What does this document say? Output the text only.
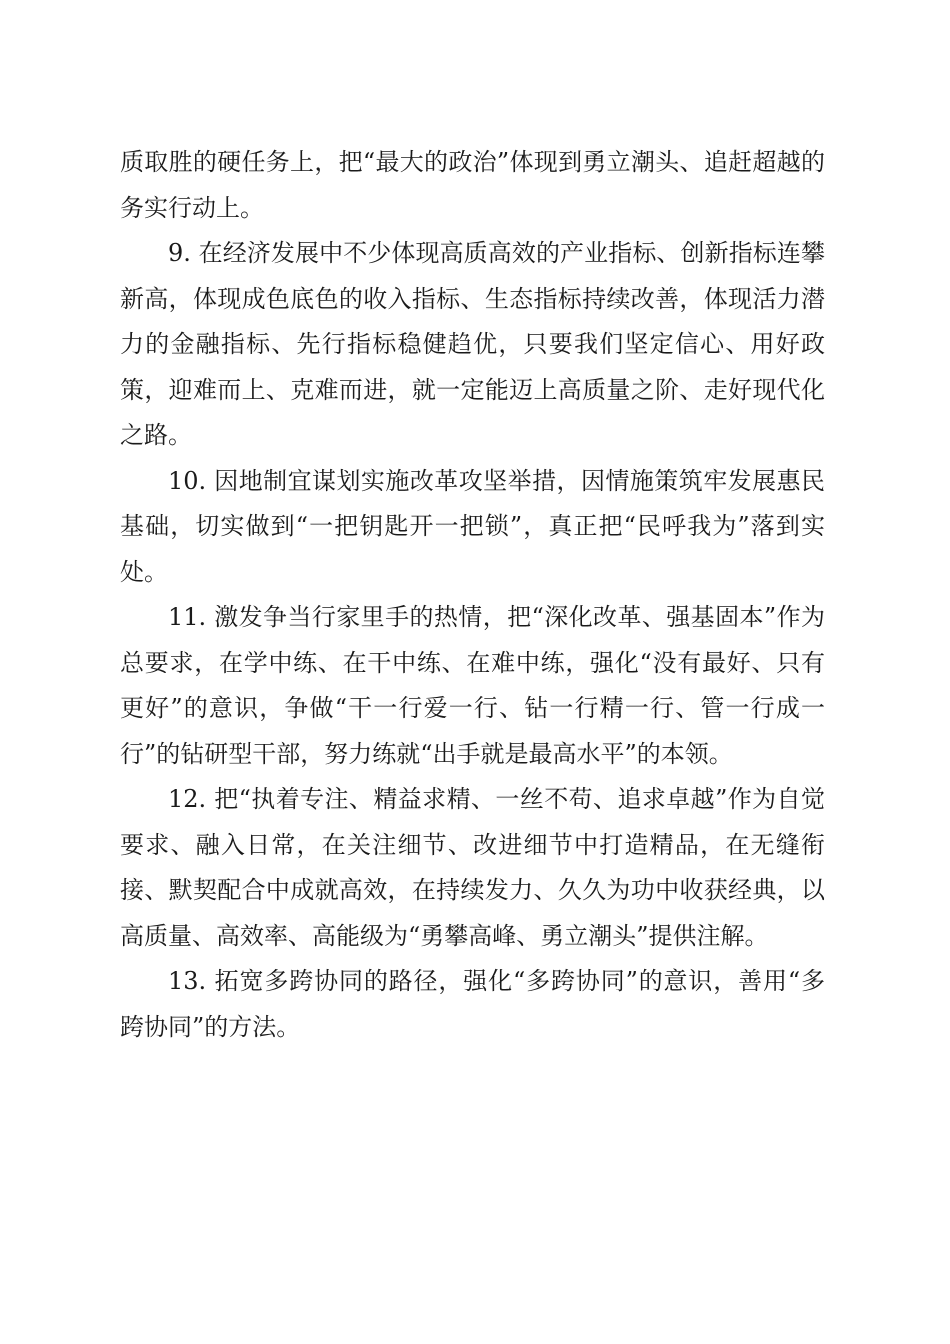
质取胜的硬任务上，把“最大的政治”体现到勇立潮头、追赶超越的务实行动上。

9. 在经济发展中不少体现高质高效的产业指标、创新指标连攀新高，体现成色底色的收入指标、生态指标持续改善，体现活力潜力的金融指标、先行指标稳健趋优，只要我们坚定信心、用好政策，迎难而上、克难而进，就一定能迈上高质量之阶、走好现代化之路。

10. 因地制宜谋划实施改革攻坚举措，因情施策筑牢发展惠民基础，切实做到“一把钥匙开一把锁”，真正把“民呼我为”落到实处。

11. 激发争当行家里手的热情，把“深化改革、强基固本”作为总要求，在学中练、在干中练、在难中练，强化“没有最好、只有更好”的意识，争做“干一行爱一行、钻一行精一行、管一行成一行”的钻研型干部，努力练就“出手就是最高水平”的本领。

12. 把“执着专注、精益求精、一丝不苟、追求卓越”作为自觉要求、融入日常，在关注细节、改进细节中打造精品，在无缝衔接、默契配合中成就高效，在持续发力、久久为功中收获经典，以高质量、高效率、高能级为“勇攀高峰、勇立潮头”提供注解。

13. 拓宽多跨协同的路径，强化“多跨协同”的意识，善用“多跨协同”的方法。
